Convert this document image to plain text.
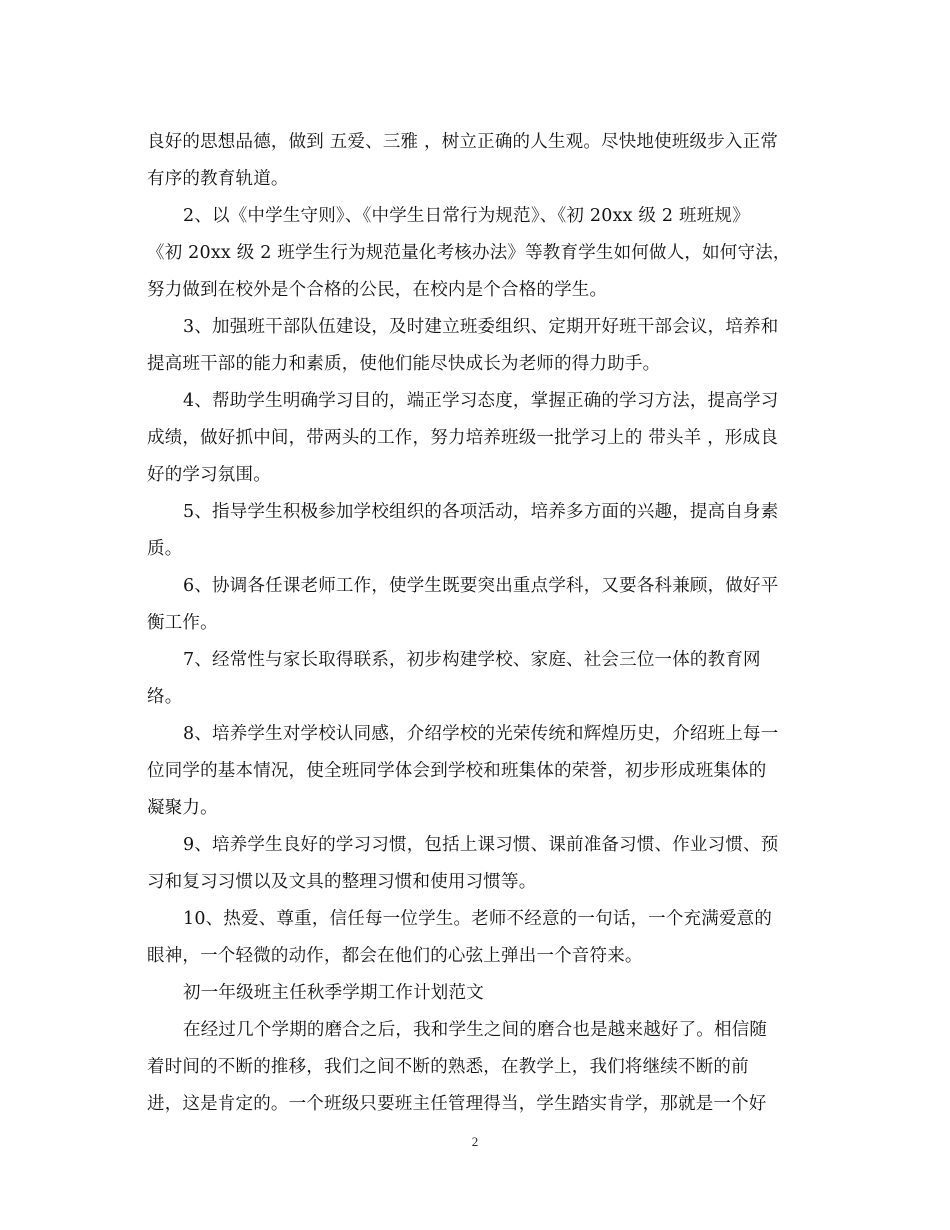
良好的思想品德，做到 五爱、三雅 ，树立正确的人生观。尽快地使班级步入正常
有序的教育轨道。
2、以《中学生守则》、《中学生日常行为规范》、《初 20xx 级 2 班班规》
《初 20xx 级 2 班学生行为规范量化考核办法》等教育学生如何做人，如何守法，
努力做到在校外是个合格的公民，在校内是个合格的学生。
3、加强班干部队伍建设，及时建立班委组织、定期开好班干部会议，培养和
提高班干部的能力和素质，使他们能尽快成长为老师的得力助手。
4、帮助学生明确学习目的，端正学习态度，掌握正确的学习方法，提高学习
成绩，做好抓中间，带两头的工作，努力培养班级一批学习上的 带头羊 ，形成良
好的学习氛围。
5、指导学生积极参加学校组织的各项活动，培养多方面的兴趣，提高自身素
质。
6、协调各任课老师工作，使学生既要突出重点学科，又要各科兼顾，做好平
衡工作。
7、经常性与家长取得联系，初步构建学校、家庭、社会三位一体的教育网
络。
8、培养学生对学校认同感，介绍学校的光荣传统和辉煌历史，介绍班上每一
位同学的基本情况，使全班同学体会到学校和班集体的荣誉，初步形成班集体的
凝聚力。
9、培养学生良好的学习习惯，包括上课习惯、课前准备习惯、作业习惯、预
习和复习习惯以及文具的整理习惯和使用习惯等。
10、热爱、尊重，信任每一位学生。老师不经意的一句话，一个充满爱意的
眼神，一个轻微的动作，都会在他们的心弦上弹出一个音符来。
初一年级班主任秋季学期工作计划范文
在经过几个学期的磨合之后，我和学生之间的磨合也是越来越好了。相信随
着时间的不断的推移，我们之间不断的熟悉，在教学上，我们将继续不断的前
进，这是肯定的。一个班级只要班主任管理得当，学生踏实肯学，那就是一个好
2
